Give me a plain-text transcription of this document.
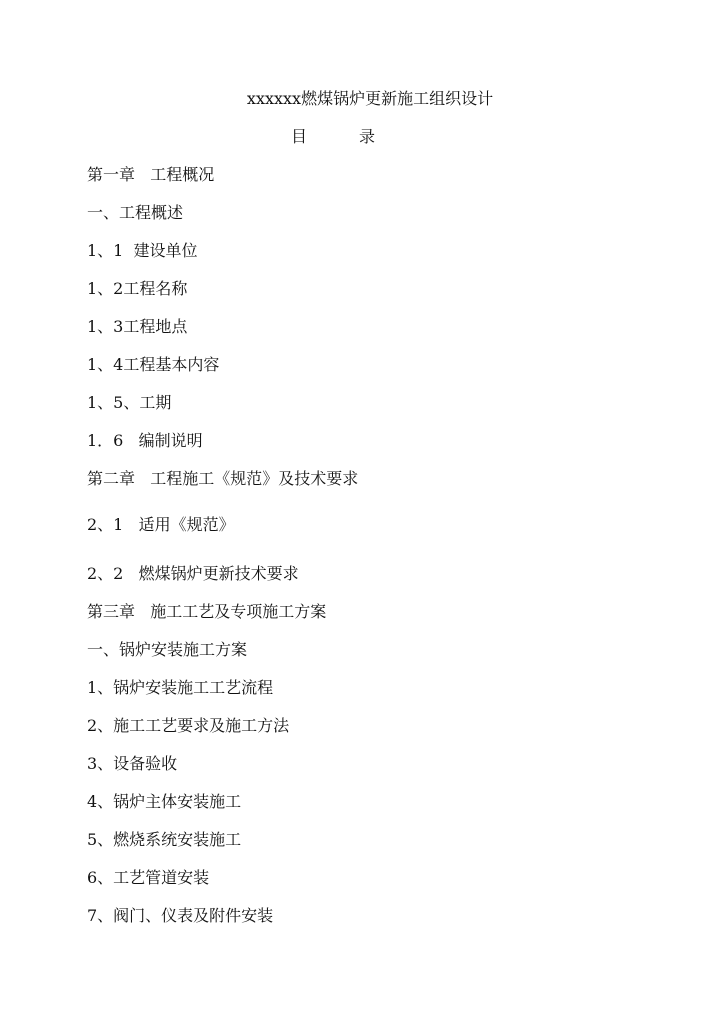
xxxxxx燃煤锅炉更新施工组织设计
目	录
第一章   工程概况
一、工程概述
1、1  建设单位
1、2工程名称
1、3工程地点
1、4工程基本内容
1、5、工期
1．6   编制说明
第二章   工程施工《规范》及技术要求
2、1   适用《规范》
2、2   燃煤锅炉更新技术要求
第三章   施工工艺及专项施工方案
一、锅炉安装施工方案
1、锅炉安装施工工艺流程
2、施工工艺要求及施工方法
3、设备验收
4、锅炉主体安装施工
5、燃烧系统安装施工
6、工艺管道安装
7、阀门、仪表及附件安装
